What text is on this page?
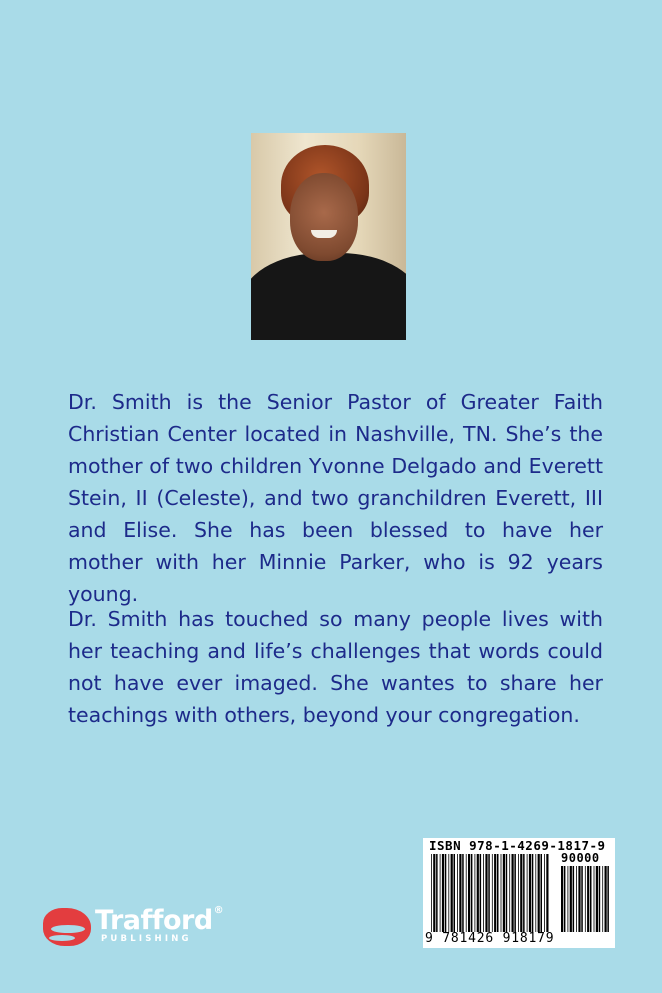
Dr. Smith is the Senior Pastor of Greater Faith Christian Center located in Nashville, TN. She’s the mother of two children Yvonne Delgado and Everett Stein, II (Celeste), and two granchildren Everett, III and Elise. She has been blessed to have her mother with her Minnie Parker, who is 92 years young.

Dr. Smith has touched so many people lives with her teaching and life’s challenges that words could not have ever imaged. She wantes to share her teachings with others, beyond your congregation.

Trafford®
PUBLISHING
ISBN 978-1-4269-1817-9
90000
9 781426 918179
